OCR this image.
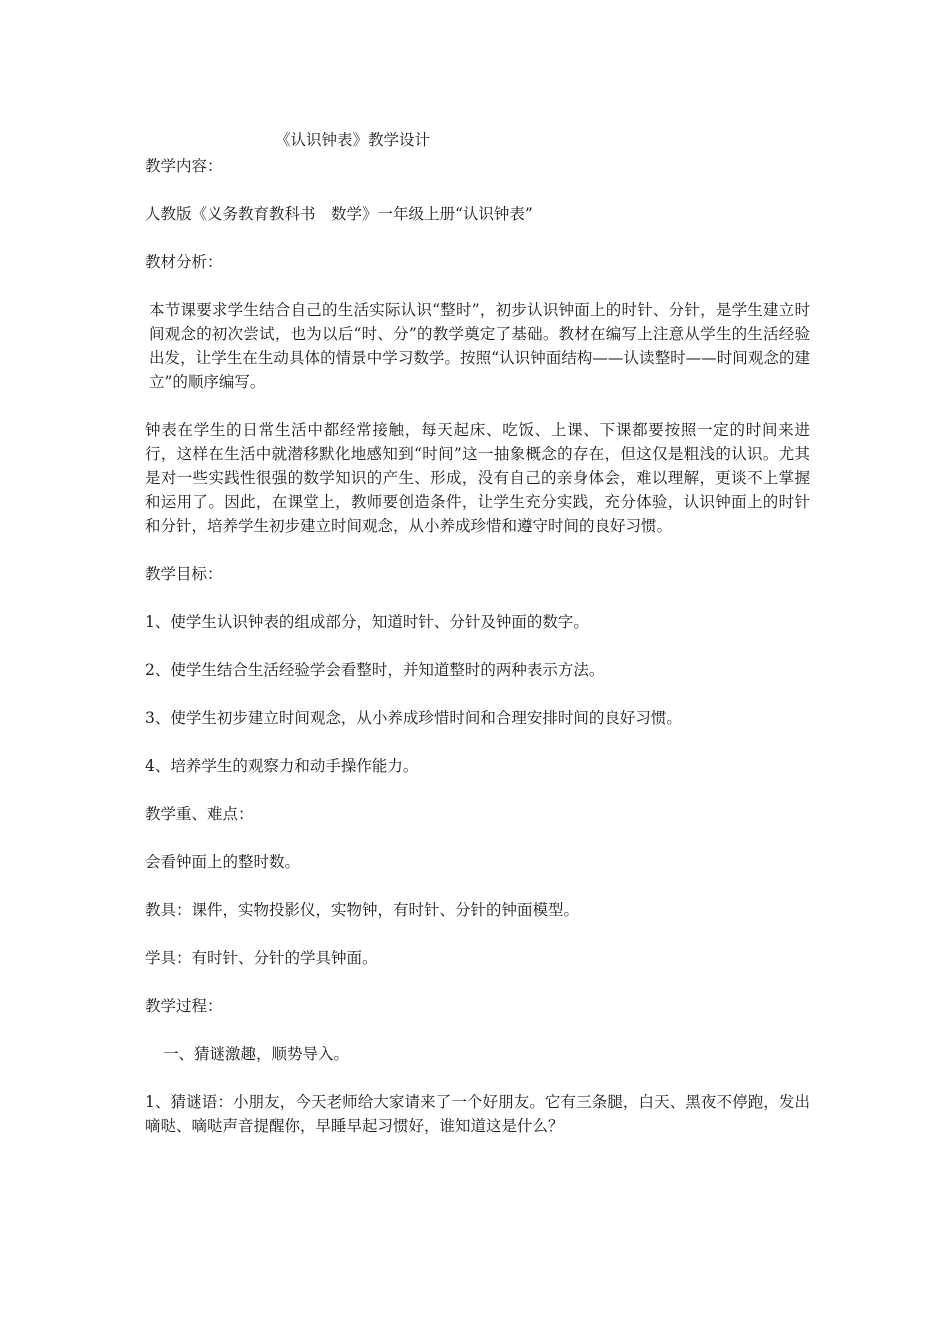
《认识钟表》教学设计
教学内容：
人教版《义务教育教科书　数学》一年级上册“认识钟表”
教材分析：
本节课要求学生结合自己的生活实际认识“整时”，初步认识钟面上的时针、分针，是学生建立时间观念的初次尝试，也为以后“时、分”的教学奠定了基础。教材在编写上注意从学生的生活经验出发，让学生在生动具体的情景中学习数学。按照“认识钟面结构——认读整时——时间观念的建立”的顺序编写。
钟表在学生的日常生活中都经常接触，每天起床、吃饭、上课、下课都要按照一定的时间来进行，这样在生活中就潜移默化地感知到“时间”这一抽象概念的存在，但这仅是粗浅的认识。尤其是对一些实践性很强的数学知识的产生、形成，没有自己的亲身体会，难以理解，更谈不上掌握和运用了。因此，在课堂上，教师要创造条件，让学生充分实践，充分体验，认识钟面上的时针和分针，培养学生初步建立时间观念，从小养成珍惜和遵守时间的良好习惯。
教学目标：
1、使学生认识钟表的组成部分，知道时针、分针及钟面的数字。
2、使学生结合生活经验学会看整时，并知道整时的两种表示方法。
3、使学生初步建立时间观念，从小养成珍惜时间和合理安排时间的良好习惯。
4、培养学生的观察力和动手操作能力。
教学重、难点：
会看钟面上的整时数。
教具：课件，实物投影仪，实物钟，有时针、分针的钟面模型。
学具：有时针、分针的学具钟面。
教学过程：
一、猜谜激趣，顺势导入。
1、猜谜语：小朋友，今天老师给大家请来了一个好朋友。它有三条腿，白天、黑夜不停跑，发出嘀哒、嘀哒声音提醒你，早睡早起习惯好，谁知道这是什么？
